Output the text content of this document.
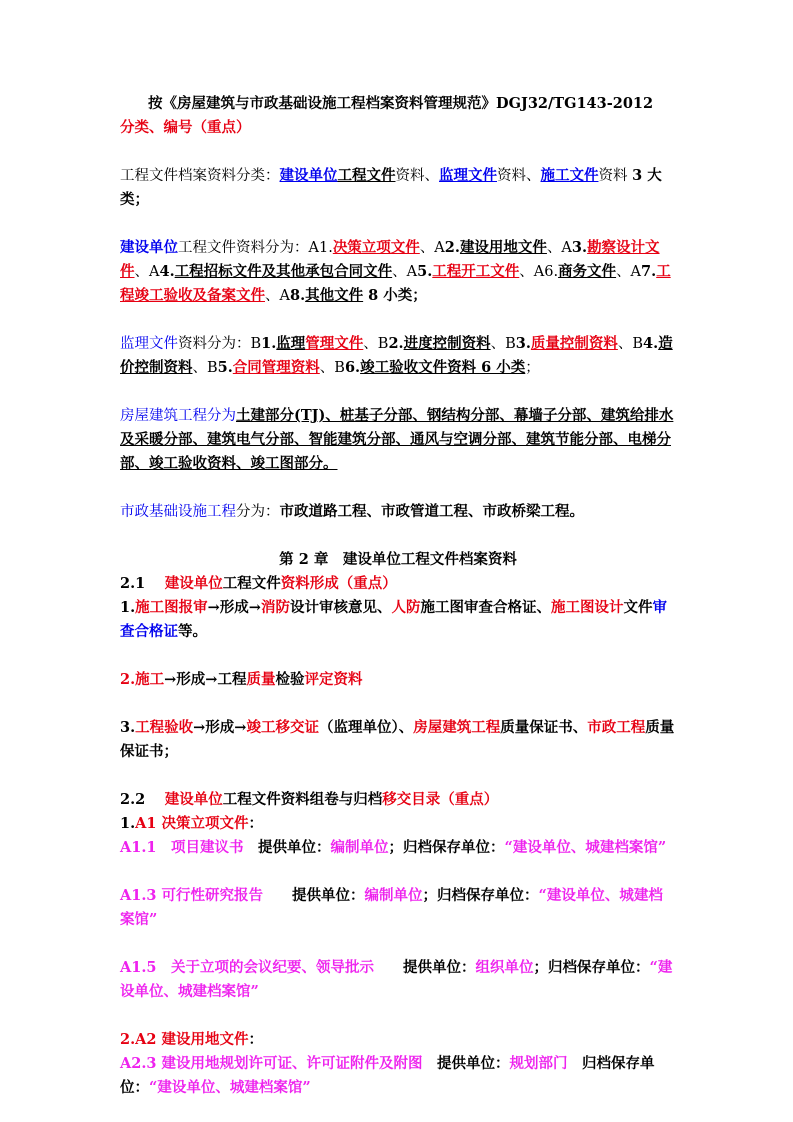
按《房屋建筑与市政基础设施工程档案资料管理规范》DGJ32/TG143-2012

分类、编号（重点）

工程文件档案资料分类：建设单位工程文件资料、监理文件资料、施工文件资料 3 大类；

建设单位工程文件资料分为：A1.决策立项文件、A2.建设用地文件、A3.勘察设计文件、A4.工程招标文件及其他承包合同文件、A5.工程开工文件、A6.商务文件、A7.工程竣工验收及备案文件、A8.其他文件 8 小类；

监理文件资料分为：B1.监理管理文件、B2.进度控制资料、B3.质量控制资料、B4.造价控制资料、B5.合同管理资料、B6.竣工验收文件资料 6 小类；

房屋建筑工程分为土建部分(TJ)、桩基子分部、钢结构分部、幕墙子分部、建筑给排水及采暖分部、建筑电气分部、智能建筑分部、通风与空调分部、建筑节能分部、电梯分部、竣工验收资料、竣工图部分。

市政基础设施工程分为：市政道路工程、市政管道工程、市政桥梁工程。

第 2 章　建设单位工程文件档案资料

2.1　 建设单位工程文件资料形成（重点）

1.施工图报审→形成→消防设计审核意见、人防施工图审查合格证、施工图设计文件审查合格证等。

2.施工→形成→工程质量检验评定资料

3.工程验收→形成→竣工移交证（监理单位）、房屋建筑工程质量保证书、市政工程质量保证书；

2.2　 建设单位工程文件资料组卷与归档移交目录（重点）

1.A1 决策立项文件：

A1.1　 项目建议书　 提供单位：编制单位；归档保存单位：“建设单位、城建档案馆”

A1.3 可行性研究报告　　 提供单位：编制单位；归档保存单位：“建设单位、城建档案馆”

A1.5　 关于立项的会议纪要、领导批示　　 提供单位：组织单位；归档保存单位：“建设单位、城建档案馆”

2.A2 建设用地文件：

A2.3 建设用地规划许可证、许可证附件及附图　 提供单位：规划部门　 归档保存单位：“建设单位、城建档案馆”
